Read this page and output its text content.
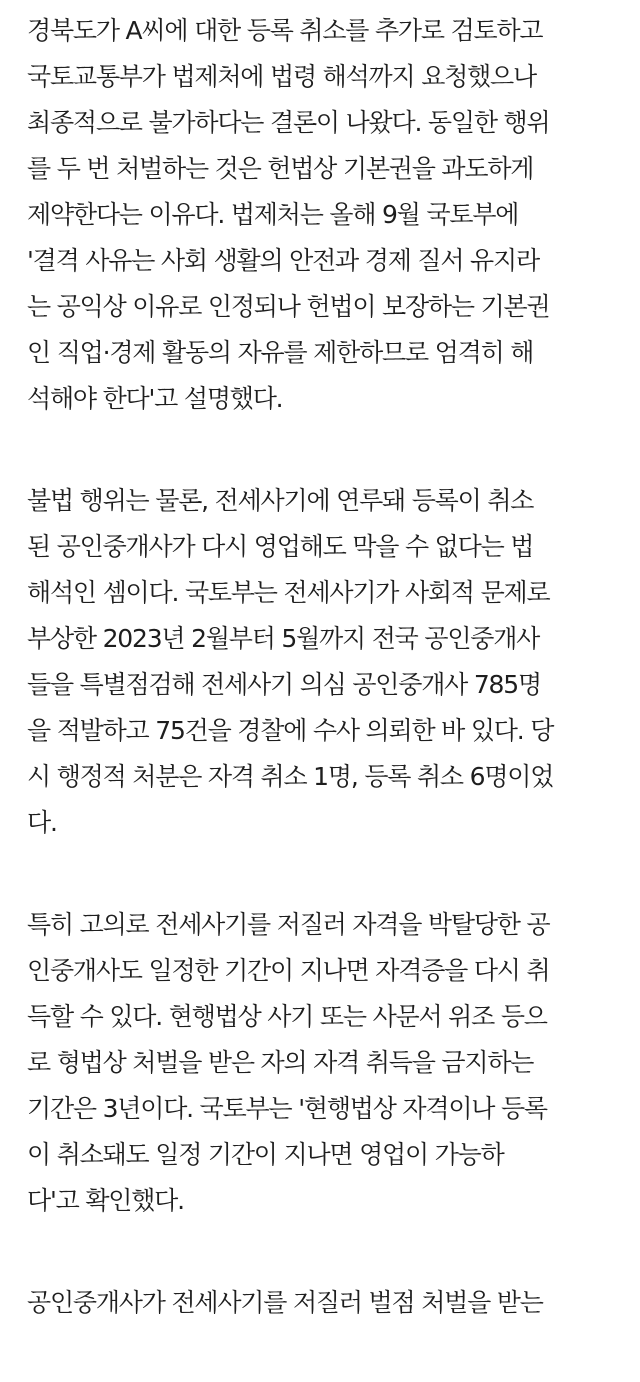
경북도가 A씨에 대한 등록 취소를 추가로 검토하고
국토교통부가 법제처에 법령 해석까지 요청했으나
최종적으로 불가하다는 결론이 나왔다. 동일한 행위
를 두 번 처벌하는 것은 헌법상 기본권을 과도하게
제약한다는 이유다. 법제처는 올해 9월 국토부에
'결격 사유는 사회 생활의 안전과 경제 질서 유지라
는 공익상 이유로 인정되나 헌법이 보장하는 기본권
인 직업·경제 활동의 자유를 제한하므로 엄격히 해
석해야 한다'고 설명했다.
불법 행위는 물론, 전세사기에 연루돼 등록이 취소
된 공인중개사가 다시 영업해도 막을 수 없다는 법
해석인 셈이다. 국토부는 전세사기가 사회적 문제로
부상한 2023년 2월부터 5월까지 전국 공인중개사
들을 특별점검해 전세사기 의심 공인중개사 785명
을 적발하고 75건을 경찰에 수사 의뢰한 바 있다. 당
시 행정적 처분은 자격 취소 1명, 등록 취소 6명이었
다.
특히 고의로 전세사기를 저질러 자격을 박탈당한 공
인중개사도 일정한 기간이 지나면 자격증을 다시 취
득할 수 있다. 현행법상 사기 또는 사문서 위조 등으
로 형법상 처벌을 받은 자의 자격 취득을 금지하는
기간은 3년이다. 국토부는 '현행법상 자격이나 등록
이 취소돼도 일정 기간이 지나면 영업이 가능하
다'고 확인했다.
공인중개사가 전세사기를 저질러 벌점 처벌을 받는
